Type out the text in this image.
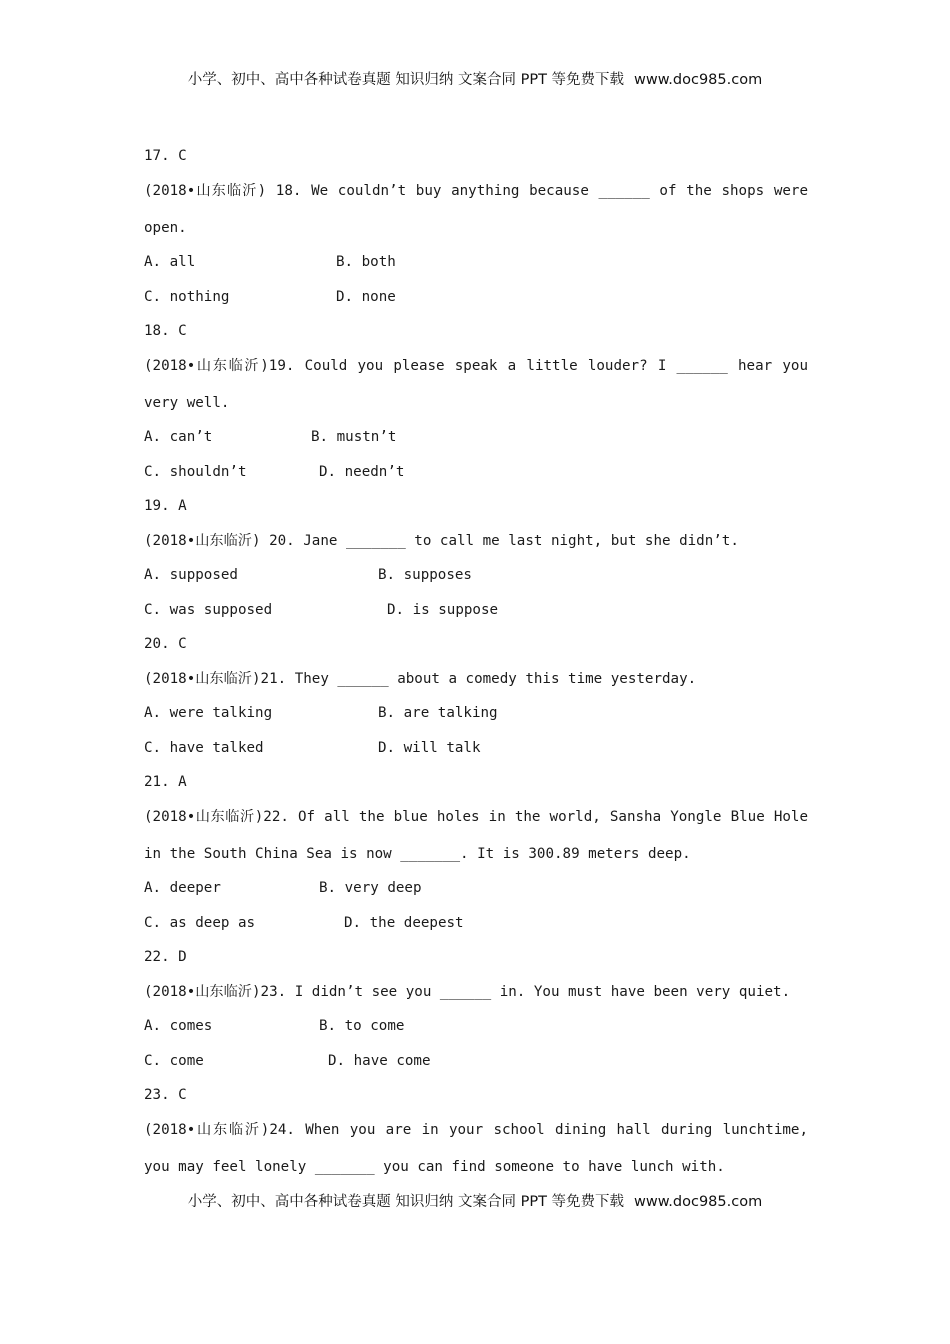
小学、初中、高中各种试卷真题 知识归纳 文案合同 PPT 等免费下载 www.doc985.com
17. C
(2018•山东临沂) 18. We couldn’t buy anything because ______ of the shops were
open.
A. all	B. both
C. nothing	D. none
18. C
(2018•山东临沂)19. Could you please speak a little louder? I ______ hear you
very well.
A. can’t	B. mustn’t
C. shouldn’t	D. needn’t
19. A
(2018•山东临沂) 20. Jane _______ to call me last night, but she didn’t.
A. supposed	B. supposes
C. was supposed	D. is suppose
20. C
(2018•山东临沂)21. They ______ about a comedy this time yesterday.
A. were talking	B. are talking
C. have talked	D. will talk
21. A
(2018•山东临沂)22. Of all the blue holes in the world, Sansha Yongle Blue Hole
in the South China Sea is now _______. It is 300.89 meters deep.
A. deeper	B. very deep
C. as deep as	D. the deepest
22. D
(2018•山东临沂)23. I didn’t see you ______ in. You must have been very quiet.
A. comes	B. to come
C. come	D. have come
23. C
(2018•山东临沂)24. When you are in your school dining hall during lunchtime,
you may feel lonely _______ you can find someone to have lunch with.
小学、初中、高中各种试卷真题 知识归纳 文案合同 PPT 等免费下载 www.doc985.com
